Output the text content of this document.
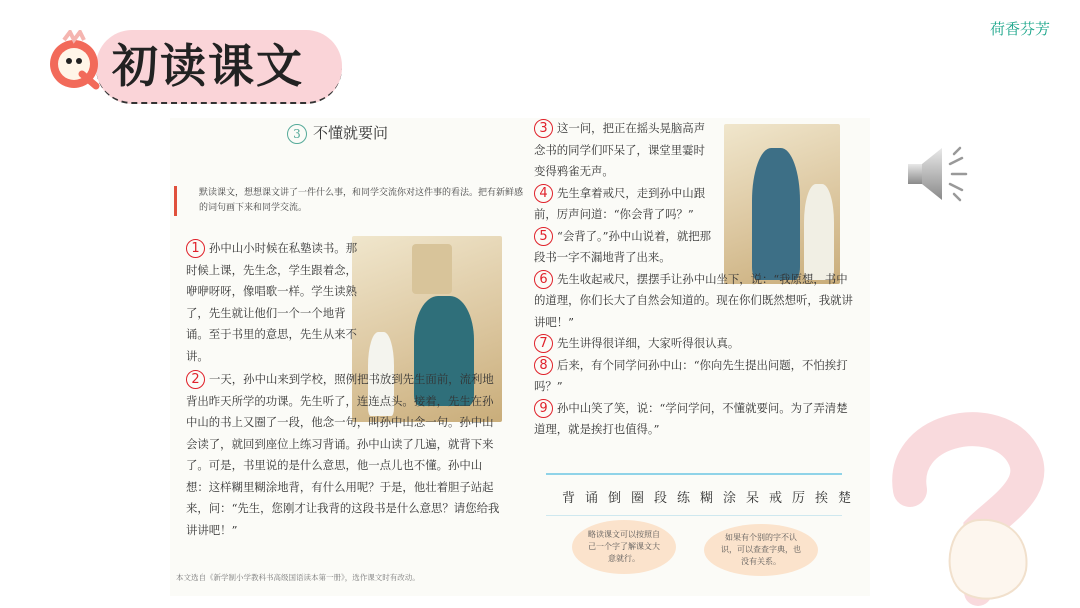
初读课文
荷香芬芳
3 不懂就要问
默读课文，想想课文讲了一件什么事，和同学交流你对这件事的看法。把有新鲜感的词句画下来和同学交流。
1 孙中山小时候在私塾读书。那时候上课，先生念，学生跟着念，咿咿呀呀，像唱歌一样。学生读熟了，先生就让他们一个一个地背诵。至于书里的意思，先生从来不讲。
2 一天，孙中山来到学校，照例把书放到先生面前，流利地背出昨天所学的功课。先生听了，连连点头。接着，先生在孙中山的书上又圈了一段，他念一句，叫孙中山念一句。孙中山会读了，就回到座位上练习背诵。孙中山读了几遍，就背下来了。可是，书里说的是什么意思，他一点儿也不懂。孙中山想：这样糊里糊涂地背，有什么用呢？于是，他壮着胆子站起来，问：“先生，您刚才让我背的这段书是什么意思？请您给我讲讲吧！”
3 这一问，把正在摇头晃脑高声念书的同学们吓呆了，课堂里霎时变得鸦雀无声。
4 先生拿着戒尺，走到孙中山跟前，厉声问道：“你会背了吗？”
5 “会背了。”孙中山说着，就把那段书一字不漏地背了出来。
6 先生收起戒尺，摆摆手让孙中山坐下，说：“我原想，书中的道理，你们长大了自然会知道的。现在你们既然想听，我就讲讲吧！”
7 先生讲得很详细，大家听得很认真。
8 后来，有个同学问孙中山：“你向先生提出问题，不怕挨打吗？”
9 孙中山笑了笑，说：“学问学问，不懂就要问。为了弄清楚道理，就是挨打也值得。”
背诵倒圈段练糊涂呆戒厉挨楚
略读课文可以按照自己一个字了解课文大意就行。
如果有个别的字不认识，可以查查字典，也没有关系。
本文选自《新学制小学教科书高级国语读本第一册》，选作课文时有改动。
